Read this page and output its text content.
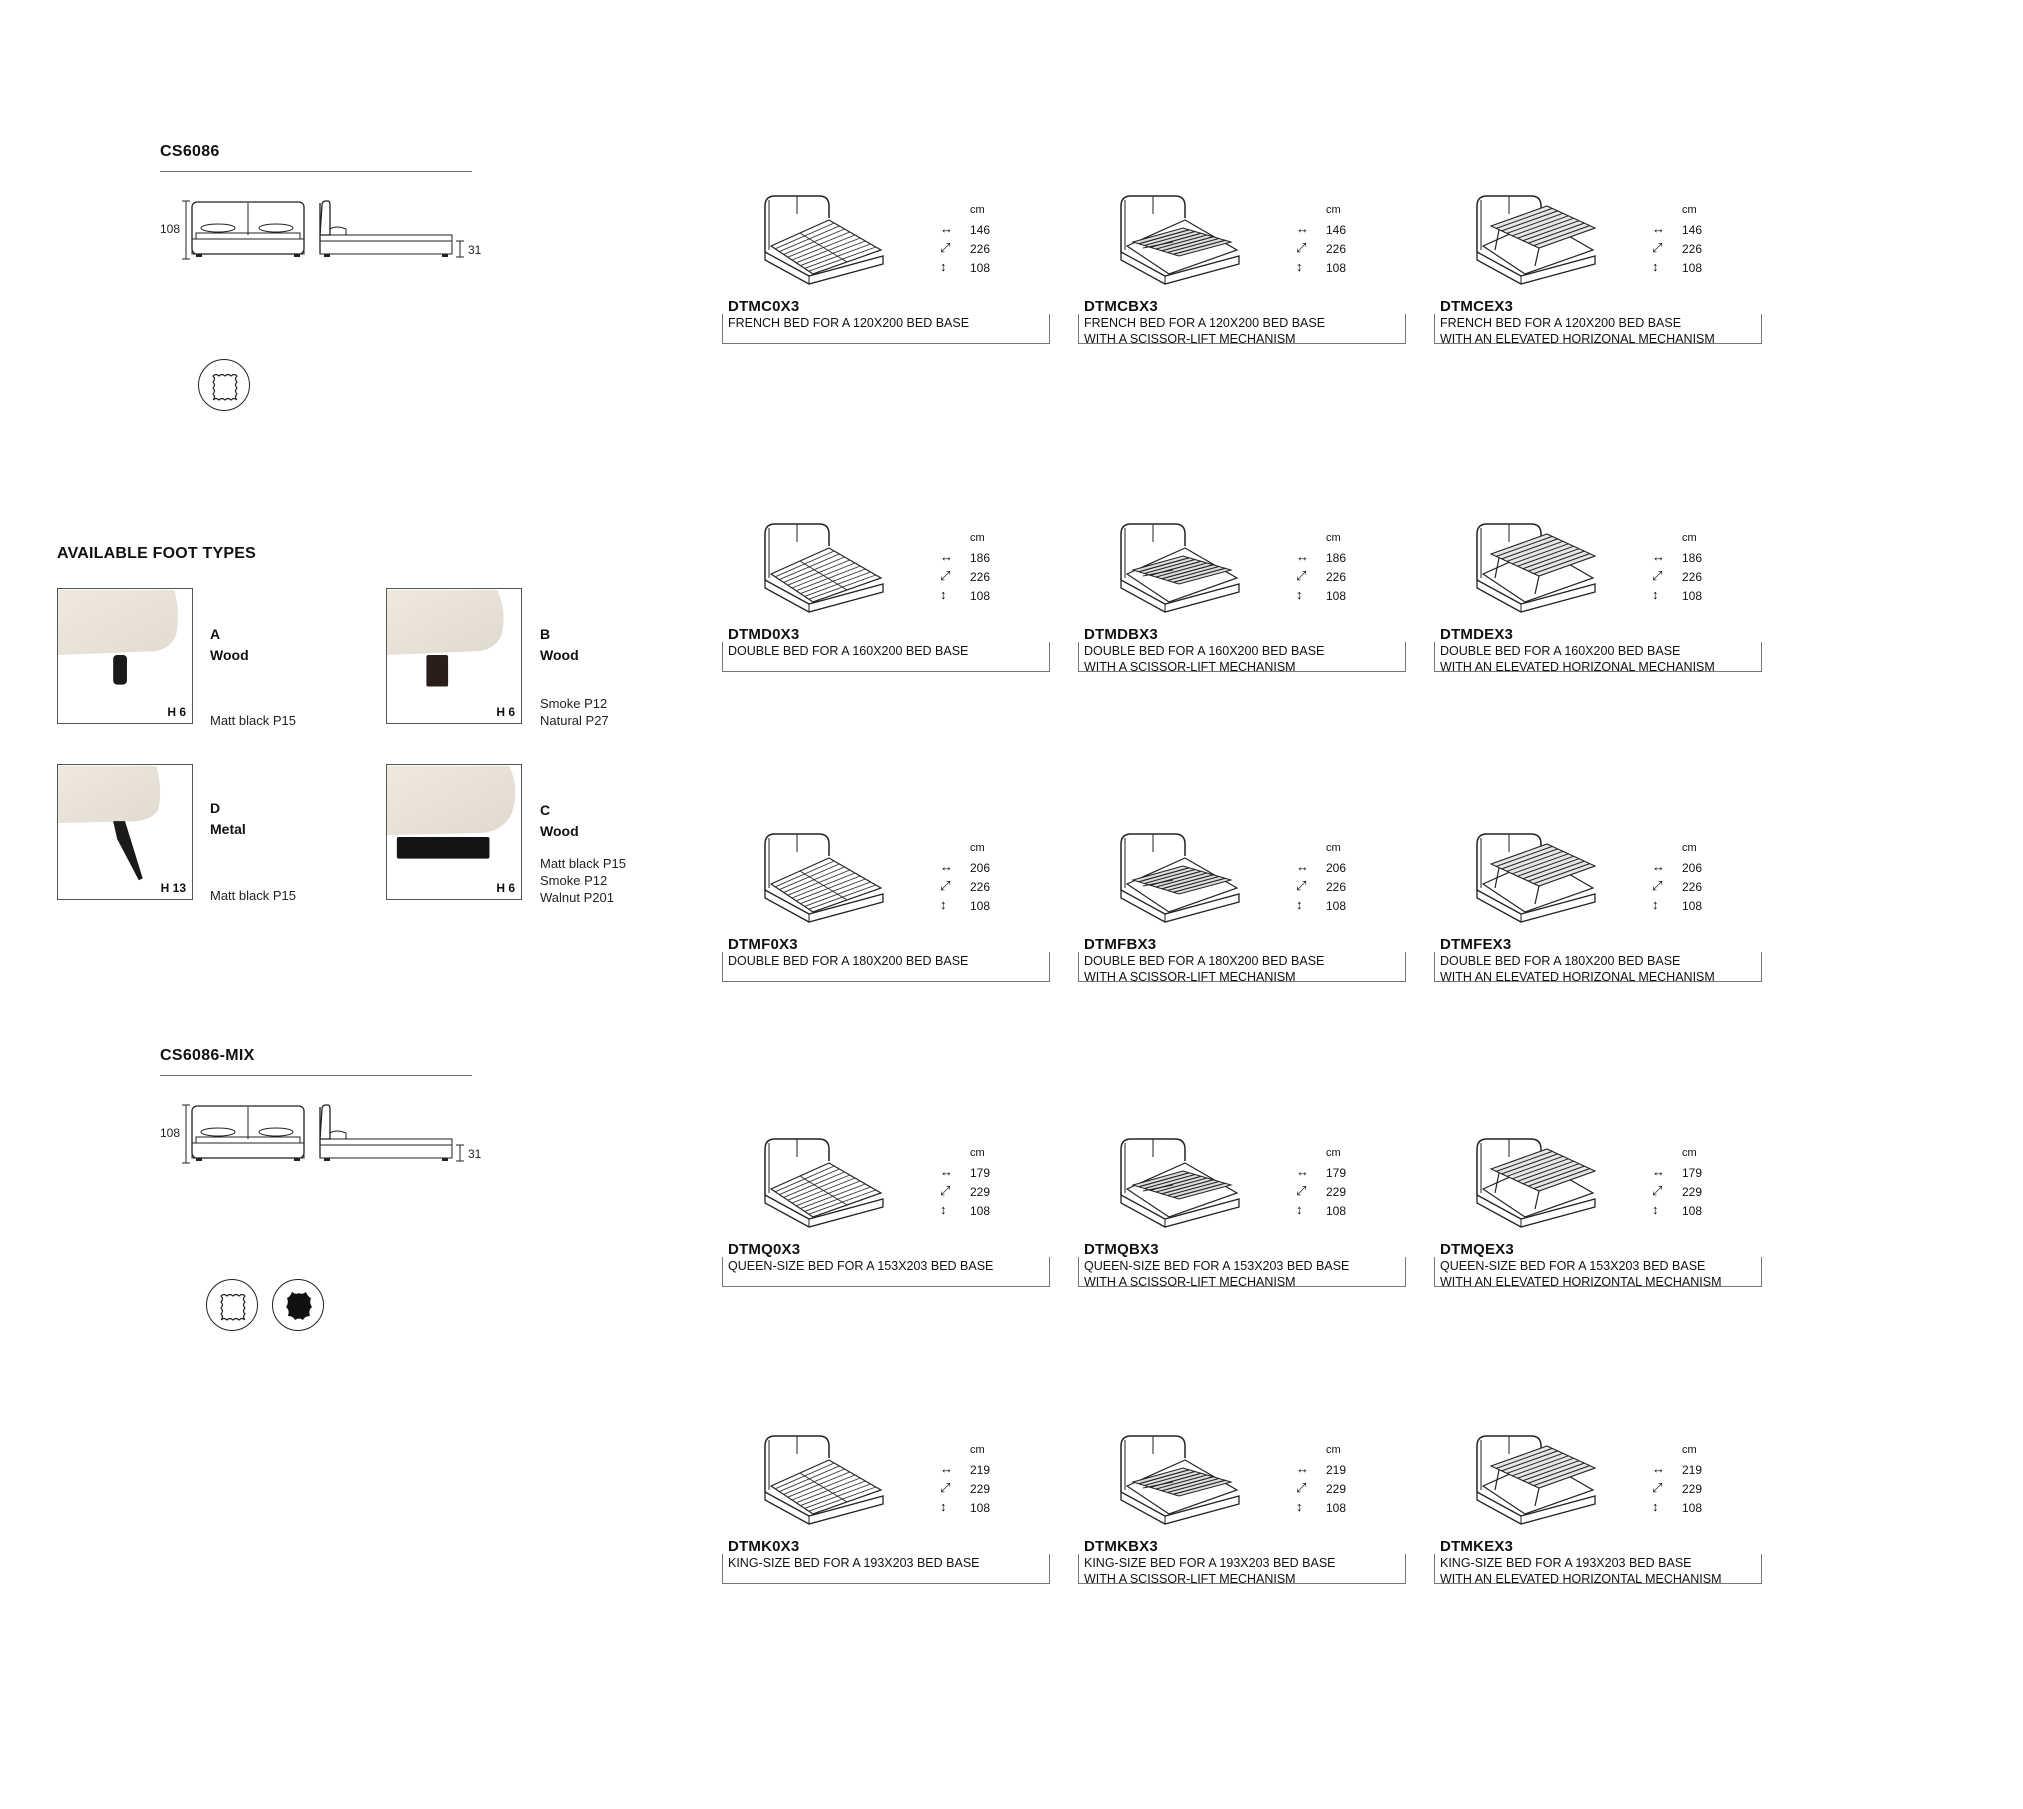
CS6086
108
31
AVAILABLE FOOT TYPES
H 6
A
Wood
Matt black P15
H 6
B
Wood
Smoke P12
Natural P27
H 13
D
Metal
Matt black P15	H 6
C
Wood
Matt black P15
Smoke P12
Walnut P201
CS6086-MIX
108
31
cm
↔ 146
⤢ 226
↕ 108
DTMC0X3
FRENCH BED FOR A 120X200 BED BASE
cm
↔ 146
⤢ 226
↕ 108
DTMCBX3
FRENCH BED FOR A 120X200 BED BASE
WITH A SCISSOR-LIFT MECHANISM
cm
↔ 146
⤢ 226
↕ 108
DTMCEX3
FRENCH BED FOR A 120X200 BED BASE
WITH AN ELEVATED HORIZONAL MECHANISM
cm
↔ 186
⤢ 226
↕ 108
DTMD0X3
DOUBLE BED FOR A 160X200 BED BASE
cm
↔ 186
⤢ 226
↕ 108
DTMDBX3
DOUBLE BED FOR A 160X200 BED BASE
WITH A SCISSOR-LIFT MECHANISM
cm
↔ 186
⤢ 226
↕ 108
DTMDEX3
DOUBLE BED FOR A 160X200 BED BASE
WITH AN ELEVATED HORIZONAL MECHANISM
cm
↔ 206
⤢ 226
↕ 108
DTMF0X3
DOUBLE BED FOR A 180X200 BED BASE
cm
↔ 206
⤢ 226
↕ 108
DTMFBX3
DOUBLE BED FOR A 180X200 BED BASE
WITH A SCISSOR-LIFT MECHANISM
cm
↔ 206
⤢ 226
↕ 108
DTMFEX3
DOUBLE BED FOR A 180X200 BED BASE
WITH AN ELEVATED HORIZONAL MECHANISM
cm
↔ 179
⤢ 229
↕ 108
DTMQ0X3
QUEEN-SIZE BED FOR A 153X203 BED BASE
cm
↔ 179
⤢ 229
↕ 108
DTMQBX3
QUEEN-SIZE BED FOR A 153X203 BED BASE
WITH A SCISSOR-LIFT MECHANISM
cm
↔ 179
⤢ 229
↕ 108
DTMQEX3
QUEEN-SIZE BED FOR A 153X203 BED BASE
WITH AN ELEVATED HORIZONTAL MECHANISM
cm
↔ 219
⤢ 229
↕ 108
DTMK0X3
KING-SIZE BED FOR A 193X203 BED BASE
cm
↔ 219
⤢ 229
↕ 108
DTMKBX3
KING-SIZE BED FOR A 193X203 BED BASE
WITH A SCISSOR-LIFT MECHANISM
cm
↔ 219
⤢ 229
↕ 108
DTMKEX3
KING-SIZE BED FOR A 193X203 BED BASE
WITH AN ELEVATED HORIZONTAL MECHANISM
